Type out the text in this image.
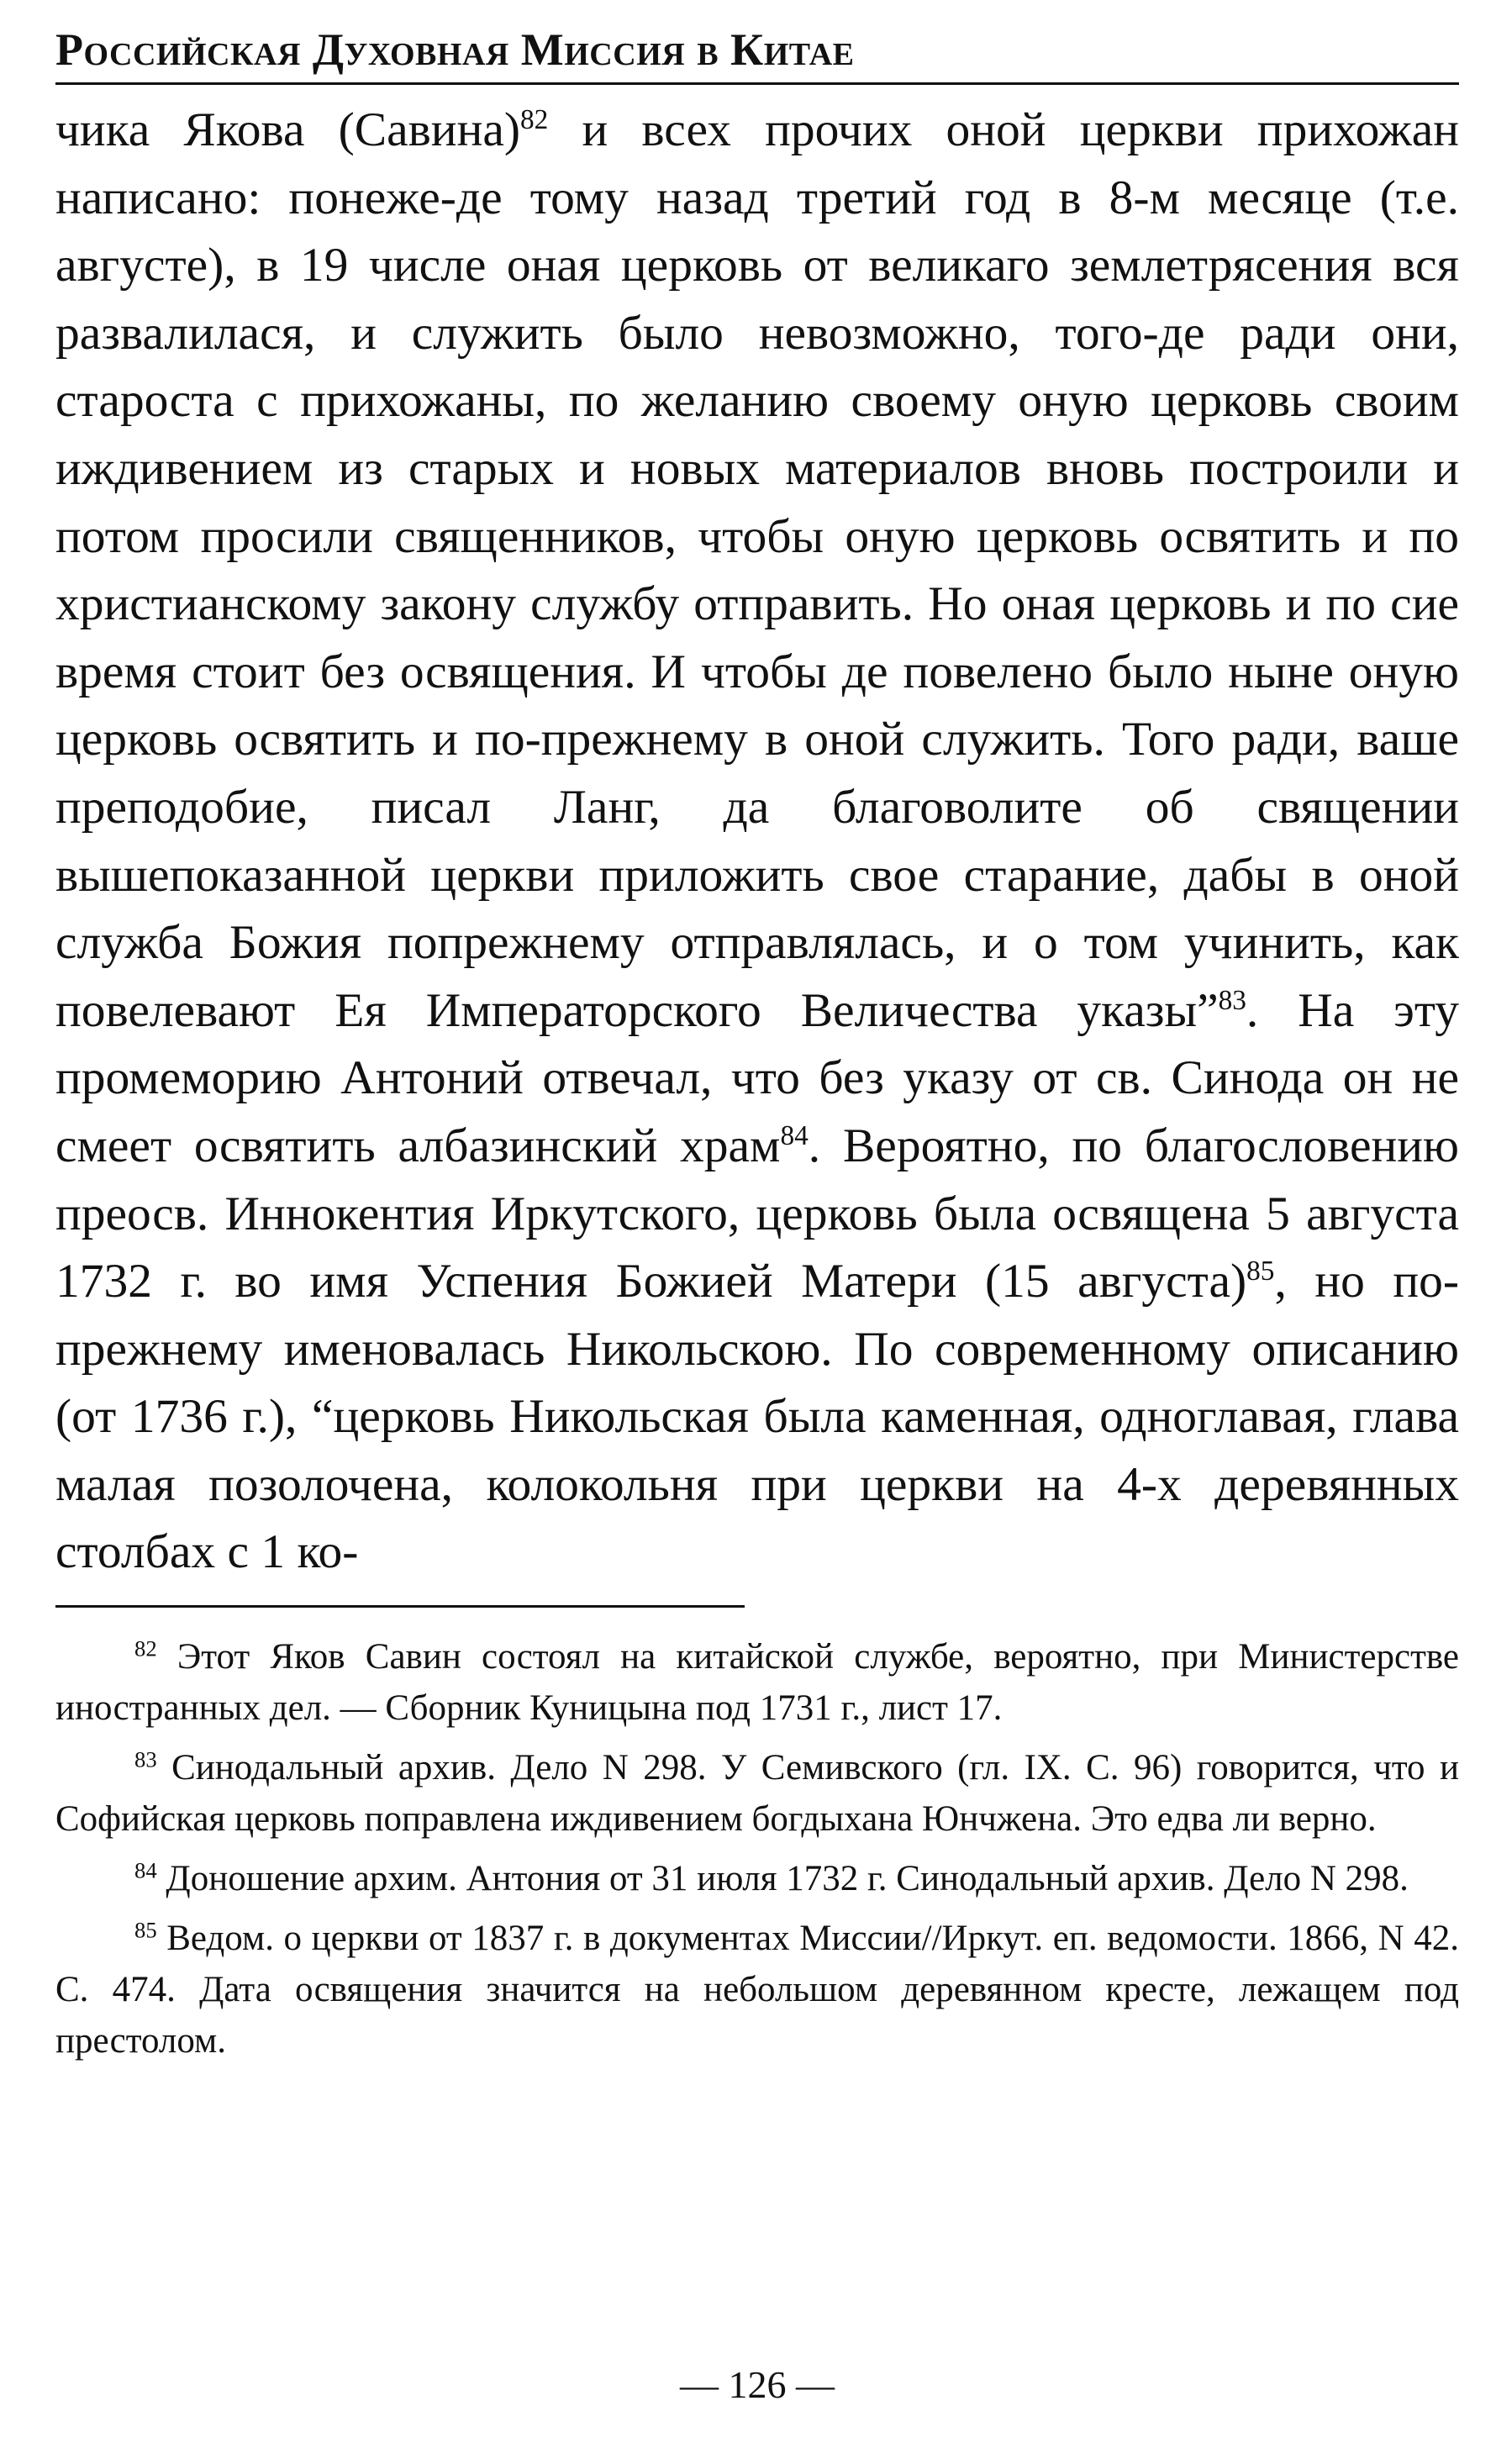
Российская Духовная Миссия в Китае

чика Якова (Савина)$^{82}$ и всех прочих оной церкви прихожан написано: понеже-де тому назад третий год в 8-м месяце (т.е. августе), в 19 числе оная церковь от великаго землетрясения вся развалилася, и служить было невозможно, того-де ради они, староста с прихожаны, по желанию своему оную церковь своим иждивением из старых и новых материалов вновь построили и потом просили священников, чтобы оную церковь освятить и по христианскому закону службу отправить. Но оная церковь и по сие время стоит без освящения. И чтобы де повелено было ныне оную церковь освятить и по-прежнему в оной служить. Того ради, ваше преподобие, писал Ланг, да благоволите об священии вышепоказанной церкви приложить свое старание, дабы в оной служба Божия попрежнему отправлялась, и о том учинить, как повелевают Ея Императорского Величества указы”$^{83}$. На эту промеморию Антоний отвечал, что без указу от св. Синода он не смеет освятить албазинский храм$^{84}$. Вероятно, по благословению преосв. Иннокентия Иркутского, церковь была освящена 5 августа 1732 г. во имя Успения Божией Матери (15 августа)$^{85}$, но по-прежнему именовалась Никольскою. По современному описанию (от 1736 г.), “церковь Никольская была каменная, одноглавая, глава малая позолочена, колокольня при церкви на 4-х деревянных столбах с 1 ко-

$^{82}$ Этот Яков Савин состоял на китайской службе, вероятно, при Министерстве иностранных дел. — Сборник Куницына под 1731 г., лист 17.

$^{83}$ Синодальный архив. Дело N 298. У Семивского (гл. IX. С. 96) говорится, что и Софийская церковь поправлена иждивением богдыхана Юнчжена. Это едва ли верно.

$^{84}$ Доношение архим. Антония от 31 июля 1732 г. Синодальный архив. Дело N 298.

$^{85}$ Ведом. о церкви от 1837 г. в документах Миссии//Иркут. еп. ведомости. 1866, N 42. С. 474. Дата освящения значится на небольшом деревянном кресте, лежащем под престолом.

— 126 —
